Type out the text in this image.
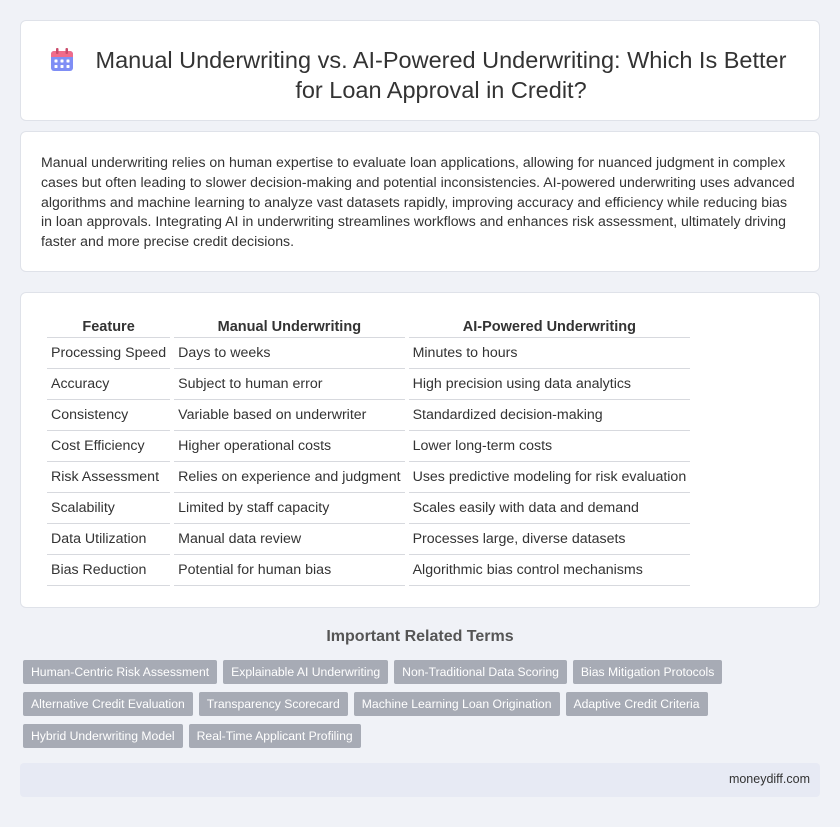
Manual Underwriting vs. AI-Powered Underwriting: Which Is Better for Loan Approval in Credit?

Manual underwriting relies on human expertise to evaluate loan applications, allowing for nuanced judgment in complex cases but often leading to slower decision-making and potential inconsistencies. AI-powered underwriting uses advanced algorithms and machine learning to analyze vast datasets rapidly, improving accuracy and efficiency while reducing bias in loan approvals. Integrating AI in underwriting streamlines workflows and enhances risk assessment, ultimately driving faster and more precise credit decisions.

Feature	Manual Underwriting	AI-Powered Underwriting
Processing Speed	Days to weeks	Minutes to hours
Accuracy	Subject to human error	High precision using data analytics
Consistency	Variable based on underwriter	Standardized decision-making
Cost Efficiency	Higher operational costs	Lower long-term costs
Risk Assessment	Relies on experience and judgment	Uses predictive modeling for risk evaluation
Scalability	Limited by staff capacity	Scales easily with data and demand
Data Utilization	Manual data review	Processes large, diverse datasets
Bias Reduction	Potential for human bias	Algorithmic bias control mechanisms
Important Related Terms
Human-Centric Risk Assessment	Explainable AI Underwriting	Non-Traditional Data Scoring	Bias Mitigation Protocols
Alternative Credit Evaluation	Transparency Scorecard	Machine Learning Loan Origination	Adaptive Credit Criteria
Hybrid Underwriting Model	Real-Time Applicant Profiling
moneydiff.com
